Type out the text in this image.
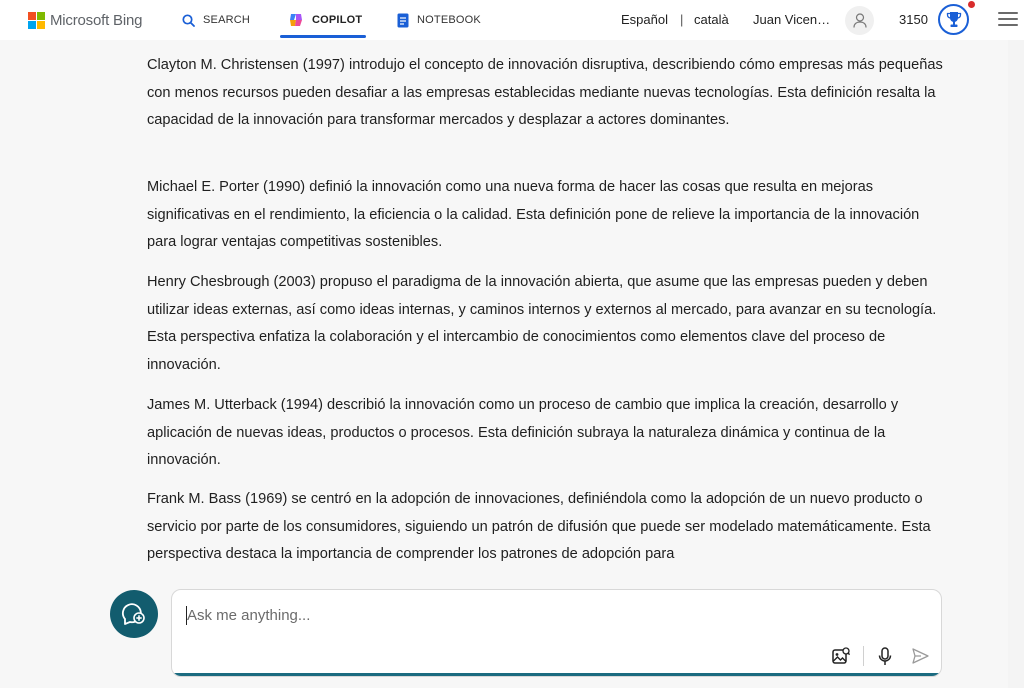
Microsoft Bing	SEARCH	COPILOT	NOTEBOOK	Español | català Juan Vicen…	3150

Clayton M. Christensen (1997) introdujo el concepto de innovación disruptiva, describiendo cómo empresas más pequeñas con menos recursos pueden desafiar a las empresas establecidas mediante nuevas tecnologías. Esta definición resalta la capacidad de la innovación para transformar mercados y desplazar a actores dominantes.

Michael E. Porter (1990) definió la innovación como una nueva forma de hacer las cosas que resulta en mejoras significativas en el rendimiento, la eficiencia o la calidad. Esta definición pone de relieve la importancia de la innovación para lograr ventajas competitivas sostenibles.

Henry Chesbrough (2003) propuso el paradigma de la innovación abierta, que asume que las empresas pueden y deben utilizar ideas externas, así como ideas internas, y caminos internos y externos al mercado, para avanzar en su tecnología. Esta perspectiva enfatiza la colaboración y el intercambio de conocimientos como elementos clave del proceso de innovación.

James M. Utterback (1994) describió la innovación como un proceso de cambio que implica la creación, desarrollo y aplicación de nuevas ideas, productos o procesos. Esta definición subraya la naturaleza dinámica y continua de la innovación.

Frank M. Bass (1969) se centró en la adopción de innovaciones, definiéndola como la adopción de un nuevo producto o servicio por parte de los consumidores, siguiendo un patrón de difusión que puede ser modelado matemáticamente. Esta perspectiva destaca la importancia de comprender los patrones de adopción para

Ask me anything...
